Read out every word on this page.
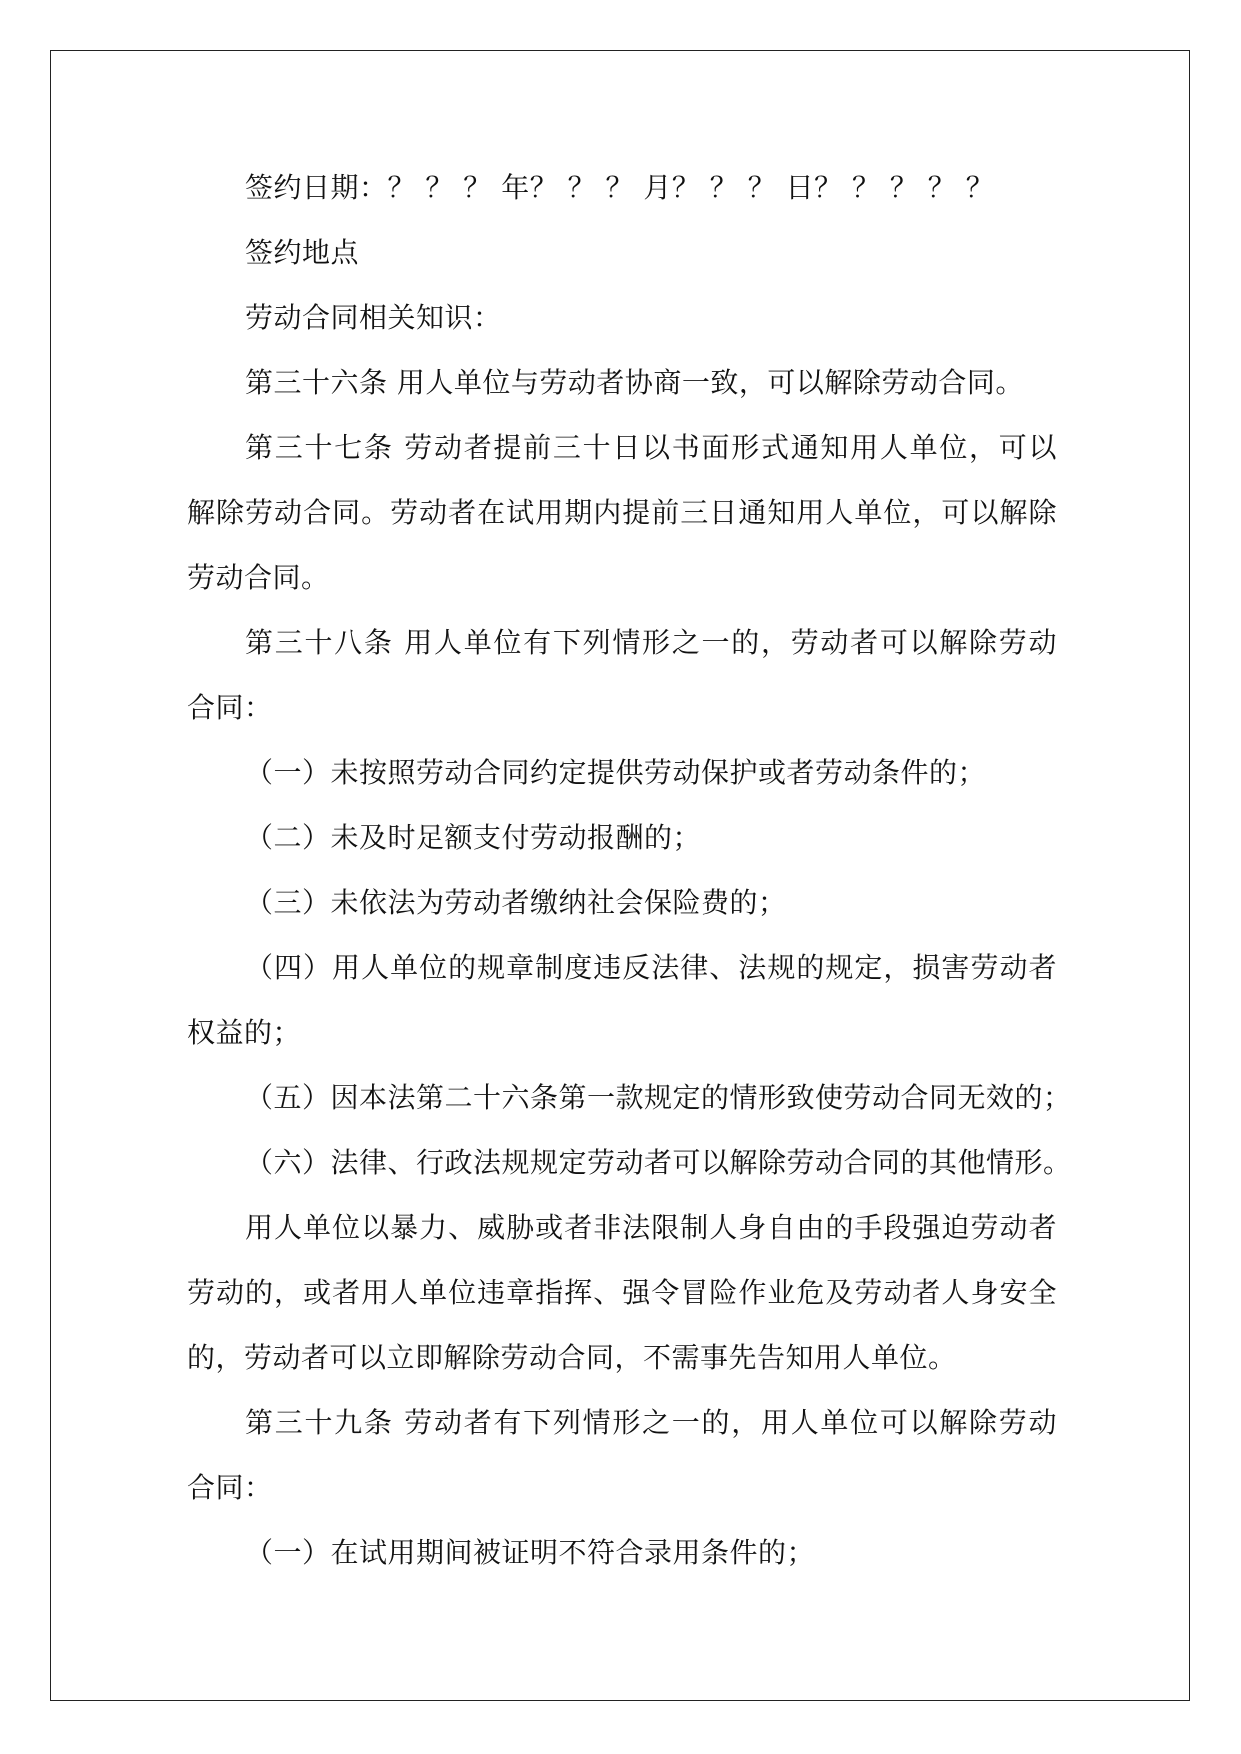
签约日期：？ ？ ？ 年？ ？ ？ 月？ ？ ？ 日？ ？ ？ ？ ？
签约地点
劳动合同相关知识：
第三十六条 用人单位与劳动者协商一致，可以解除劳动合同。
第三十七条 劳动者提前三十日以书面形式通知用人单位，可以
解除劳动合同。劳动者在试用期内提前三日通知用人单位，可以解除
劳动合同。
第三十八条 用人单位有下列情形之一的，劳动者可以解除劳动
合同：
（一）未按照劳动合同约定提供劳动保护或者劳动条件的；
（二）未及时足额支付劳动报酬的；
（三）未依法为劳动者缴纳社会保险费的；
（四）用人单位的规章制度违反法律、法规的规定，损害劳动者
权益的；
（五）因本法第二十六条第一款规定的情形致使劳动合同无效的；
（六）法律、行政法规规定劳动者可以解除劳动合同的其他情形。
用人单位以暴力、威胁或者非法限制人身自由的手段强迫劳动者
劳动的，或者用人单位违章指挥、强令冒险作业危及劳动者人身安全
的，劳动者可以立即解除劳动合同，不需事先告知用人单位。
第三十九条 劳动者有下列情形之一的，用人单位可以解除劳动
合同：
（一）在试用期间被证明不符合录用条件的；
